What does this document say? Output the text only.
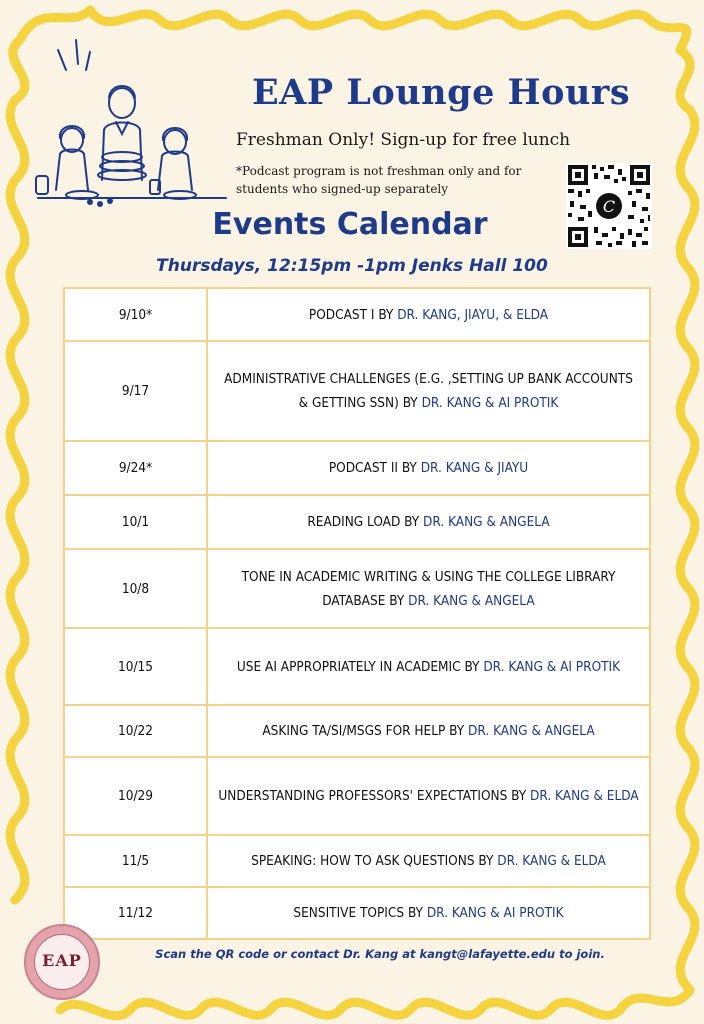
EAP Lounge Hours

Freshman Only! Sign-up for free lunch

*Podcast program is not freshman only and for students who signed-up separately

C
Events Calendar

Thursdays, 12:15pm -1pm Jenks Hall 100

9/10*	PODCAST I BY DR. KANG, JIAYU, & ELDA
9/17	ADMINISTRATIVE CHALLENGES (E.G. ,SETTING UP BANK ACCOUNTS & GETTING SSN) BY DR. KANG & AI PROTIK
9/24*	PODCAST II BY DR. KANG & JIAYU
10/1	READING LOAD BY DR. KANG & ANGELA
10/8	TONE IN ACADEMIC WRITING & USING THE COLLEGE LIBRARY DATABASE BY DR. KANG & ANGELA
10/15	USE AI APPROPRIATELY IN ACADEMIC BY DR. KANG & AI PROTIK
10/22	ASKING TA/SI/MSGS FOR HELP BY DR. KANG & ANGELA
10/29	UNDERSTANDING PROFESSORS' EXPECTATIONS BY DR. KANG & ELDA
11/5	SPEAKING: HOW TO ASK QUESTIONS BY DR. KANG & ELDA
11/12	SENSITIVE TOPICS BY DR. KANG & AI PROTIK

Scan the QR code or contact Dr. Kang at kangt@lafayette.edu to join.

EAP
